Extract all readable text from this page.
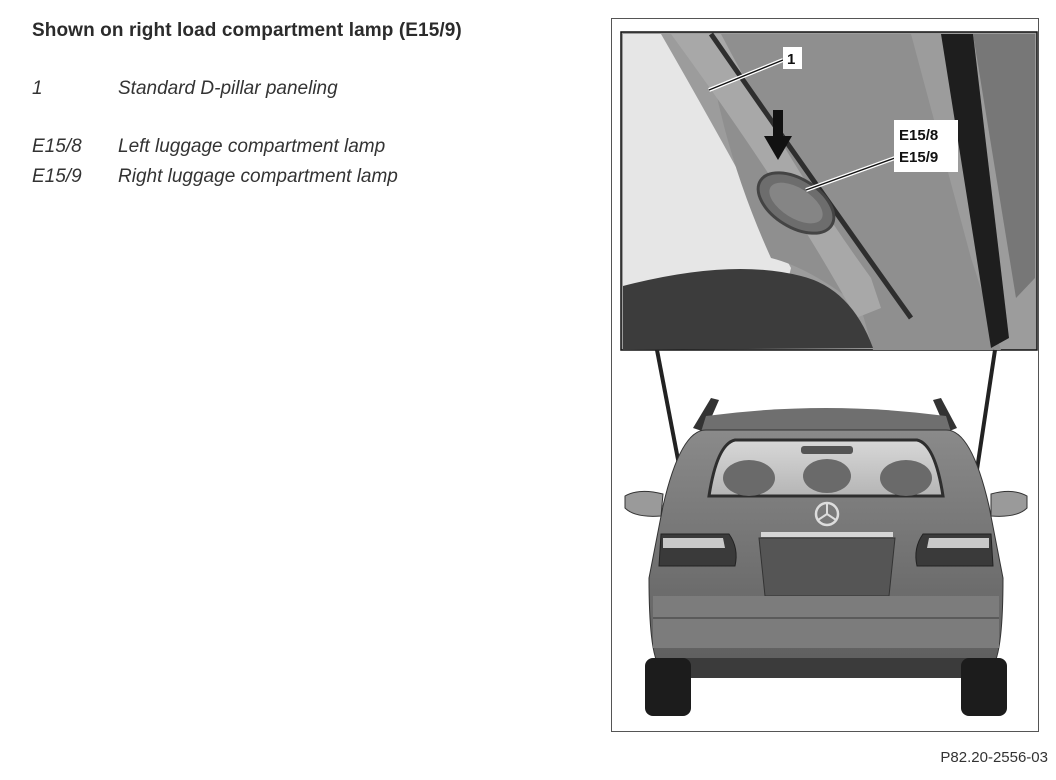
Shown on right load compartment lamp (E15/9)
1	Standard D-pillar paneling
E15/8 Left luggage compartment lamp
E15/9 Right luggage compartment lamp
1
E15/8
E15/9
P82.20-2556-03
